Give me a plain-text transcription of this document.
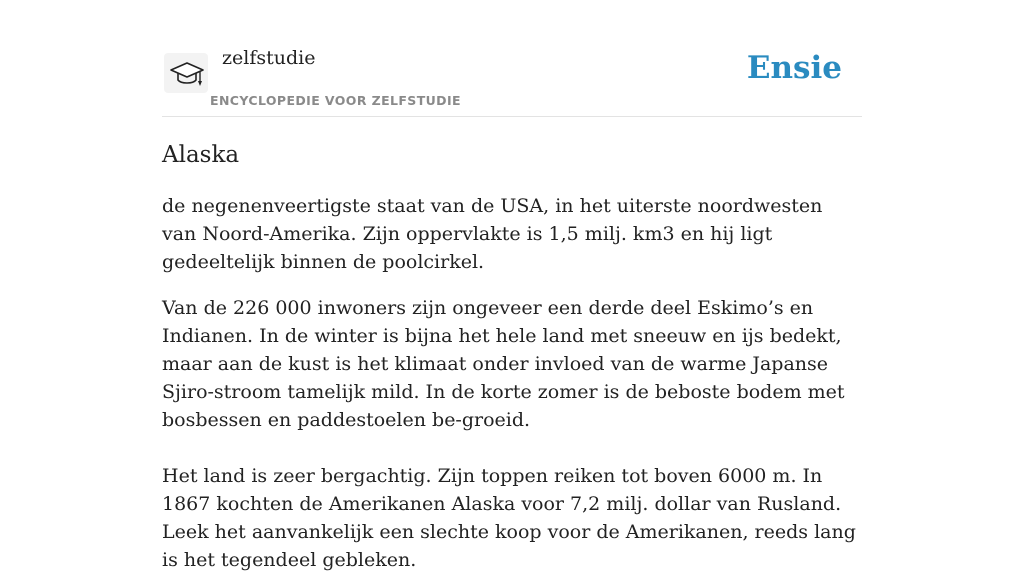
zelfstudie
ENCYCLOPEDIE VOOR ZELFSTUDIE
Ensie
Alaska

de negenenveertigste staat van de USA, in het uiterste noordwesten van Noord-Amerika. Zijn oppervlakte is 1,5 milj. km3 en hij ligt gedeeltelijk binnen de poolcirkel.

Van de 226 000 inwoners zijn ongeveer een derde deel Eskimo’s en Indianen. In de winter is bijna het hele land met sneeuw en ijs bedekt, maar aan de kust is het klimaat onder invloed van de warme Japanse Sjiro-stroom tamelijk mild. In de korte zomer is de beboste bodem met bosbessen en paddestoelen be-groeid.

Het land is zeer bergachtig. Zijn toppen reiken tot boven 6000 m. In 1867 kochten de Amerikanen Alaska voor 7,2 milj. dollar van Rusland. Leek het aanvankelijk een slechte koop voor de Amerikanen, reeds lang is het tegendeel gebleken.
